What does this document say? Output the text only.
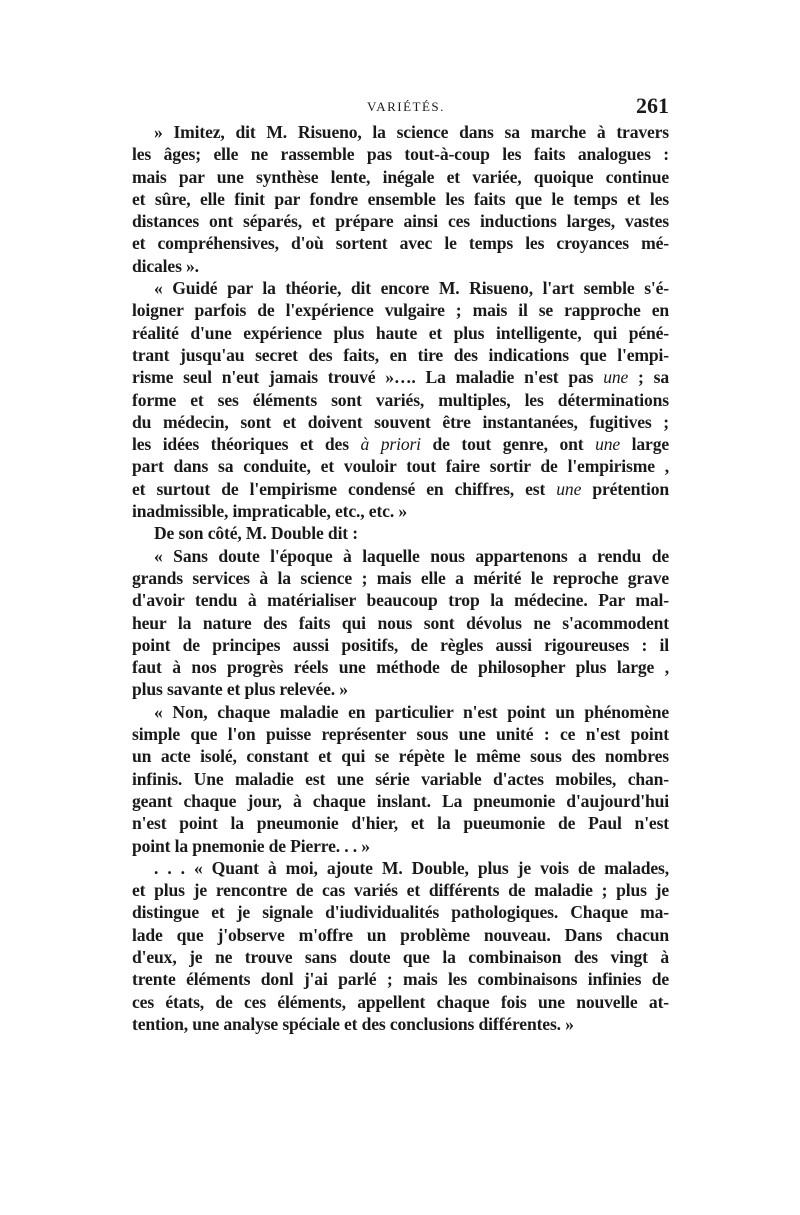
VARIÉTÉS.	261
» Imitez, dit M. Risueno, la science dans sa marche à travers
les âges; elle ne rassemble pas tout-à-coup les faits analogues :
mais par une synthèse lente, inégale et variée, quoique continue
et sûre, elle finit par fondre ensemble les faits que le temps et les
distances ont séparés, et prépare ainsi ces inductions larges, vastes
et compréhensives, d'où sortent avec le temps les croyances mé-
dicales ».
« Guidé par la théorie, dit encore M. Risueno, l'art semble s'é-
loigner parfois de l'expérience vulgaire ; mais il se rapproche en
réalité d'une expérience plus haute et plus intelligente, qui péné-
trant jusqu'au secret des faits, en tire des indications que l'empi-
risme seul n'eut jamais trouvé »…. La maladie n'est pas une ; sa
forme et ses éléments sont variés, multiples, les déterminations
du médecin, sont et doivent souvent être instantanées, fugitives ;
les idées théoriques et des à priori de tout genre, ont une large
part dans sa conduite, et vouloir tout faire sortir de l'empirisme ,
et surtout de l'empirisme condensé en chiffres, est une prétention
inadmissible, impraticable, etc., etc. »
De son côté, M. Double dit :
« Sans doute l'époque à laquelle nous appartenons a rendu de
grands services à la science ; mais elle a mérité le reproche grave
d'avoir tendu à matérialiser beaucoup trop la médecine. Par mal-
heur la nature des faits qui nous sont dévolus ne s'acommodent
point de principes aussi positifs, de règles aussi rigoureuses : il
faut à nos progrès réels une méthode de philosopher plus large ,
plus savante et plus relevée. »
« Non, chaque maladie en particulier n'est point un phénomène
simple que l'on puisse représenter sous une unité : ce n'est point
un acte isolé, constant et qui se répète le même sous des nombres
infinis. Une maladie est une série variable d'actes mobiles, chan-
geant chaque jour, à chaque inslant. La pneumonie d'aujourd'hui
n'est point la pneumonie d'hier, et la pueumonie de Paul n'est
point la pnemonie de Pierre. . . »
. . . « Quant à moi, ajoute M. Double, plus je vois de malades,
et plus je rencontre de cas variés et différents de maladie ; plus je
distingue et je signale d'iudividualités pathologiques. Chaque ma-
lade que j'observe m'offre un problème nouveau. Dans chacun
d'eux, je ne trouve sans doute que la combinaison des vingt à
trente éléments donl j'ai parlé ; mais les combinaisons infinies de
ces états, de ces éléments, appellent chaque fois une nouvelle at-
tention, une analyse spéciale et des conclusions différentes. »
